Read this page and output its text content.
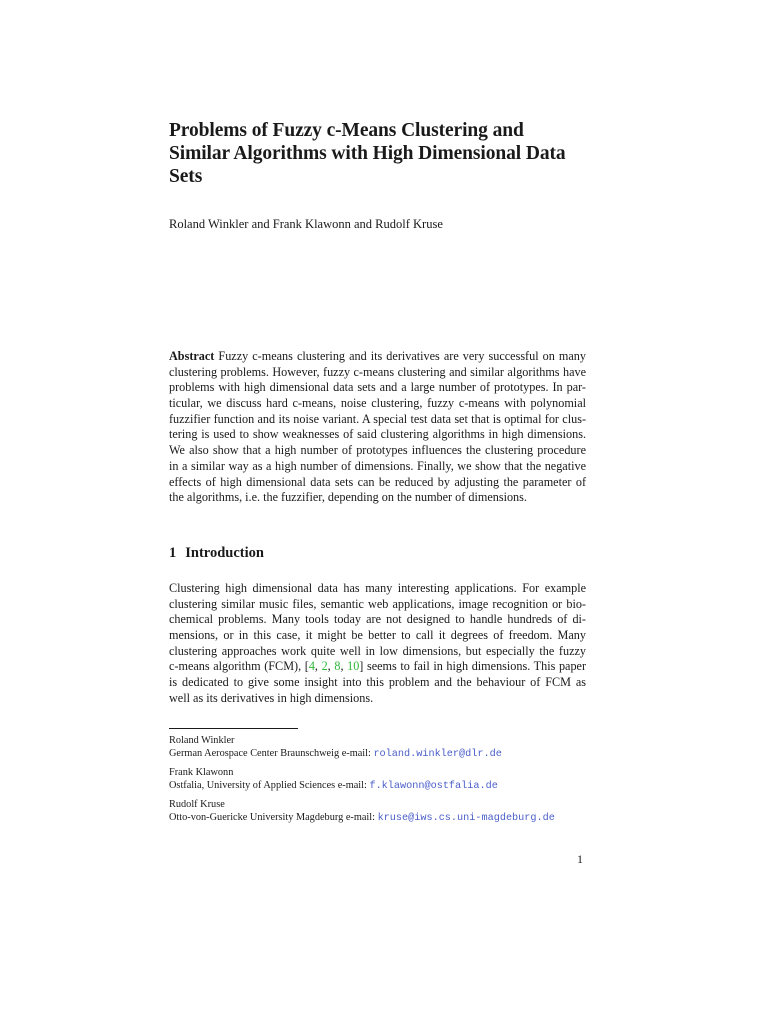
Problems of Fuzzy c-Means Clustering and
Similar Algorithms with High Dimensional Data
Sets
Roland Winkler and Frank Klawonn and Rudolf Kruse
Abstract Fuzzy c-means clustering and its derivatives are very successful on many
clustering problems. However, fuzzy c-means clustering and similar algorithms have
problems with high dimensional data sets and a large number of prototypes. In par-
ticular, we discuss hard c-means, noise clustering, fuzzy c-means with polynomial
fuzzifier function and its noise variant. A special test data set that is optimal for clus-
tering is used to show weaknesses of said clustering algorithms in high dimensions.
We also show that a high number of prototypes influences the clustering procedure
in a similar way as a high number of dimensions. Finally, we show that the negative
effects of high dimensional data sets can be reduced by adjusting the parameter of
the algorithms, i.e. the fuzzifier, depending on the number of dimensions.
1 Introduction
Clustering high dimensional data has many interesting applications. For example
clustering similar music files, semantic web applications, image recognition or bio-
chemical problems. Many tools today are not designed to handle hundreds of di-
mensions, or in this case, it might be better to call it degrees of freedom. Many
clustering approaches work quite well in low dimensions, but especially the fuzzy
c-means algorithm (FCM), [4, 2, 8, 10] seems to fail in high dimensions. This paper
is dedicated to give some insight into this problem and the behaviour of FCM as
well as its derivatives in high dimensions.
Roland Winkler
German Aerospace Center Braunschweig e-mail: roland.winkler@dlr.de
Frank Klawonn
Ostfalia, University of Applied Sciences e-mail: f.klawonn@ostfalia.de
Rudolf Kruse
Otto-von-Guericke University Magdeburg e-mail: kruse@iws.cs.uni-magdeburg.de
1
